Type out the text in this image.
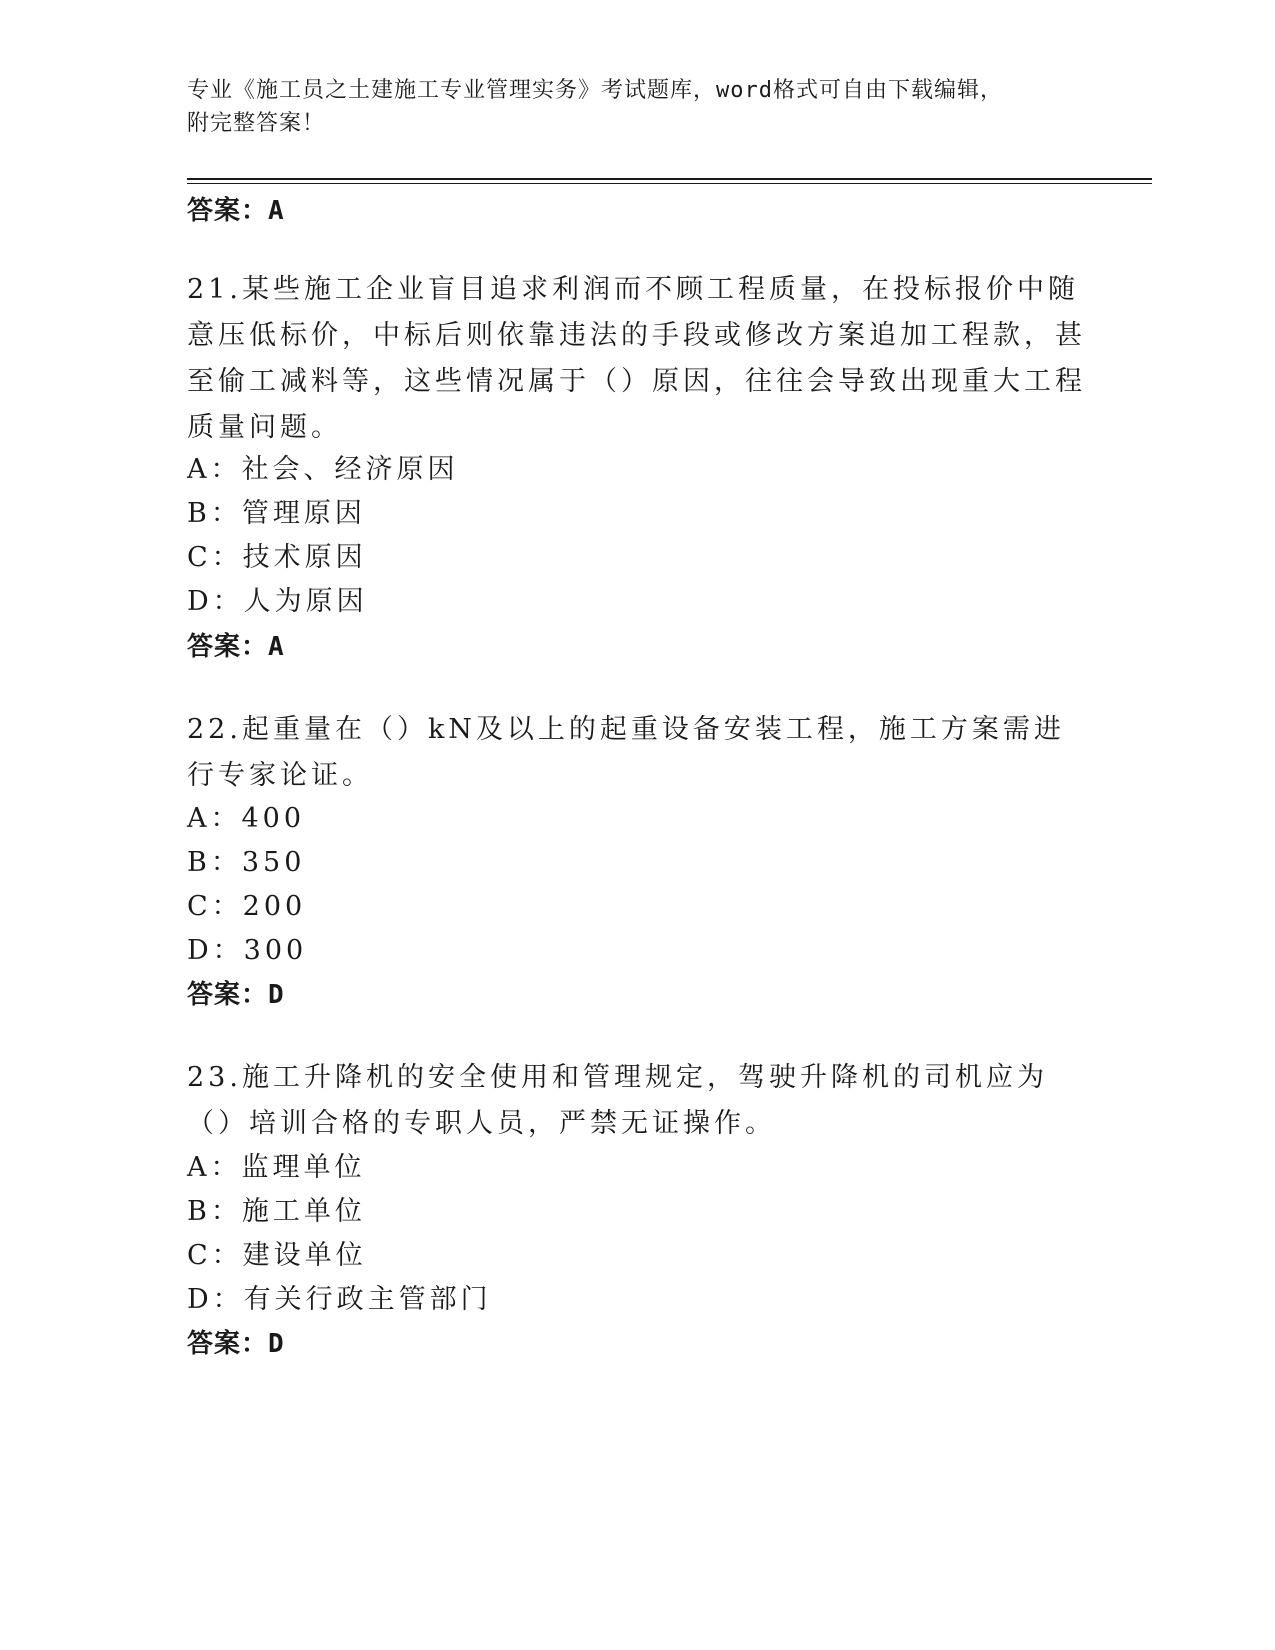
专业《施工员之土建施工专业管理实务》考试题库，word格式可自由下载编辑，
附完整答案！
答案：A
21.某些施工企业盲目追求利润而不顾工程质量，在投标报价中随意压低标价，中标后则依靠违法的手段或修改方案追加工程款，甚至偷工减料等，这些情况属于（）原因，往往会导致出现重大工程质量问题。
A：社会、经济原因
B：管理原因
C：技术原因
D：人为原因
答案：A
22.起重量在（）kN及以上的起重设备安装工程，施工方案需进行专家论证。
A：400
B：350
C：200
D：300
答案：D
23.施工升降机的安全使用和管理规定，驾驶升降机的司机应为（）培训合格的专职人员，严禁无证操作。
A：监理单位
B：施工单位
C：建设单位
D：有关行政主管部门
答案：D
